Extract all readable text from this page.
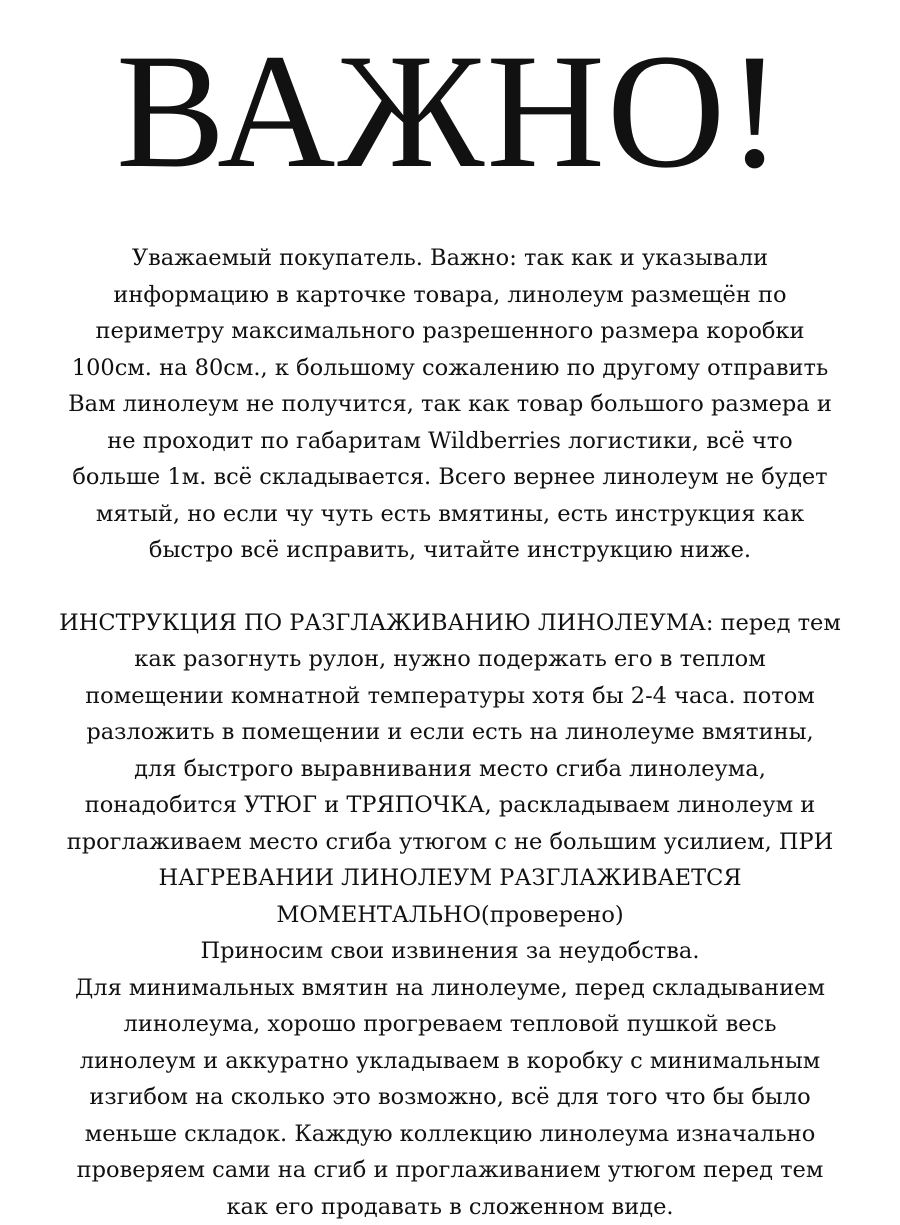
ВАЖНО!
Уважаемый покупатель. Важно: так как и указывали
информацию в карточке товара, линолеум размещён по
периметру максимального разрешенного размера коробки
100см. на 80см., к большому сожалению по другому отправить
Вам линолеум не получится, так как товар большого размера и
не проходит по габаритам Wildberries логистики, всё что
больше 1м. всё складывается. Всего вернее линолеум не будет
мятый, но если чу чуть есть вмятины, есть инструкция как
быстро всё исправить, читайте инструкцию ниже.
ИНСТРУКЦИЯ ПО РАЗГЛАЖИВАНИЮ ЛИНОЛЕУМА: перед тем
как разогнуть рулон, нужно подержать его в теплом
помещении комнатной температуры хотя бы 2-4 часа. потом
разложить в помещении и если есть на линолеуме вмятины,
для быстрого выравнивания место сгиба линолеума,
понадобится УТЮГ и ТРЯПОЧКА, раскладываем линолеум и
проглаживаем место сгиба утюгом с не большим усилием, ПРИ
НАГРЕВАНИИ ЛИНОЛЕУМ РАЗГЛАЖИВАЕТСЯ
МОМЕНТАЛЬНО(проверено)
Приносим свои извинения за неудобства.
Для минимальных вмятин на линолеуме, перед складыванием
линолеума, хорошо прогреваем тепловой пушкой весь
линолеум и аккуратно укладываем в коробку с минимальным
изгибом на сколько это возможно, всё для того что бы было
меньше складок. Каждую коллекцию линолеума изначально
проверяем сами на сгиб и проглаживанием утюгом перед тем
как его продавать в сложенном виде.
